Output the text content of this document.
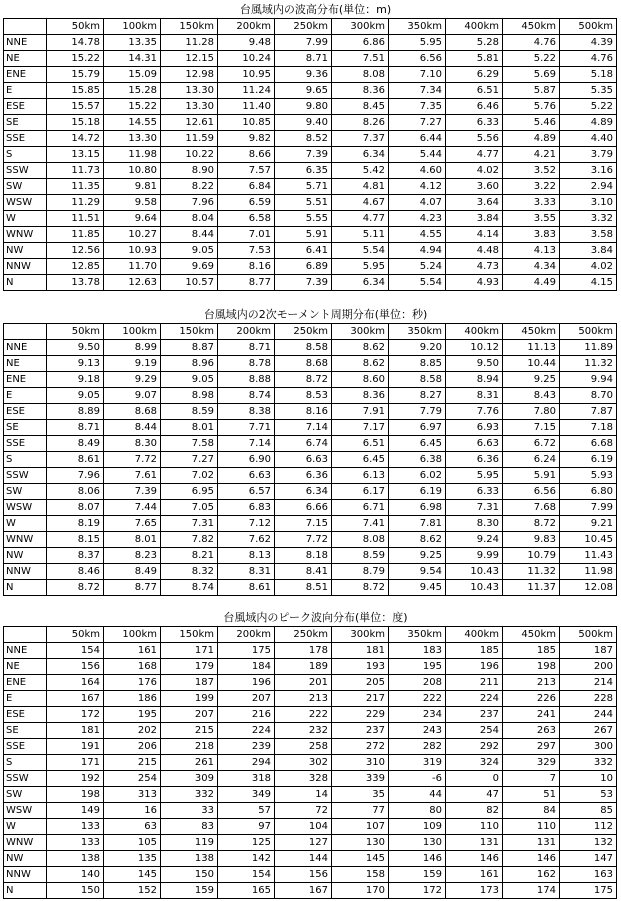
台風域内の波高分布(単位：m)
	50km	100km	150km	200km	250km	300km	350km	400km	450km	500km
NNE	14.78	13.35	11.28	9.48	7.99	6.86	5.95	5.28	4.76	4.39
NE	15.22	14.31	12.15	10.24	8.71	7.51	6.56	5.81	5.22	4.76
ENE	15.79	15.09	12.98	10.95	9.36	8.08	7.10	6.29	5.69	5.18
E	15.85	15.28	13.30	11.24	9.65	8.36	7.34	6.51	5.87	5.35
ESE	15.57	15.22	13.30	11.40	9.80	8.45	7.35	6.46	5.76	5.22
SE	15.18	14.55	12.61	10.85	9.40	8.26	7.27	6.33	5.46	4.89
SSE	14.72	13.30	11.59	9.82	8.52	7.37	6.44	5.56	4.89	4.40
S	13.15	11.98	10.22	8.66	7.39	6.34	5.44	4.77	4.21	3.79
SSW	11.73	10.80	8.90	7.57	6.35	5.42	4.60	4.02	3.52	3.16
SW	11.35	9.81	8.22	6.84	5.71	4.81	4.12	3.60	3.22	2.94
WSW	11.29	9.58	7.96	6.59	5.51	4.67	4.07	3.64	3.33	3.10
W	11.51	9.64	8.04	6.58	5.55	4.77	4.23	3.84	3.55	3.32
WNW	11.85	10.27	8.44	7.01	5.91	5.11	4.55	4.14	3.83	3.58
NW	12.56	10.93	9.05	7.53	6.41	5.54	4.94	4.48	4.13	3.84
NNW	12.85	11.70	9.69	8.16	6.89	5.95	5.24	4.73	4.34	4.02
N	13.78	12.63	10.57	8.77	7.39	6.34	5.54	4.93	4.49	4.15
台風域内の2次モーメント周期分布(単位：秒)
	50km	100km	150km	200km	250km	300km	350km	400km	450km	500km
NNE	9.50	8.99	8.87	8.71	8.58	8.62	9.20	10.12	11.13	11.89
NE	9.13	9.19	8.96	8.78	8.68	8.62	8.85	9.50	10.44	11.32
ENE	9.18	9.29	9.05	8.88	8.72	8.60	8.58	8.94	9.25	9.94
E	9.05	9.07	8.98	8.74	8.53	8.36	8.27	8.31	8.43	8.70
ESE	8.89	8.68	8.59	8.38	8.16	7.91	7.79	7.76	7.80	7.87
SE	8.71	8.44	8.01	7.71	7.14	7.17	6.97	6.93	7.15	7.18
SSE	8.49	8.30	7.58	7.14	6.74	6.51	6.45	6.63	6.72	6.68
S	8.61	7.72	7.27	6.90	6.63	6.45	6.38	6.36	6.24	6.19
SSW	7.96	7.61	7.02	6.63	6.36	6.13	6.02	5.95	5.91	5.93
SW	8.06	7.39	6.95	6.57	6.34	6.17	6.19	6.33	6.56	6.80
WSW	8.07	7.44	7.05	6.83	6.66	6.71	6.98	7.31	7.68	7.99
W	8.19	7.65	7.31	7.12	7.15	7.41	7.81	8.30	8.72	9.21
WNW	8.15	8.01	7.82	7.62	7.72	8.08	8.62	9.24	9.83	10.45
NW	8.37	8.23	8.21	8.13	8.18	8.59	9.25	9.99	10.79	11.43
NNW	8.46	8.49	8.32	8.31	8.41	8.79	9.54	10.43	11.32	11.98
N	8.72	8.77	8.74	8.61	8.51	8.72	9.45	10.43	11.37	12.08
台風域内のピーク波向分布(単位：度)
	50km	100km	150km	200km	250km	300km	350km	400km	450km	500km
NNE	154	161	171	175	178	181	183	185	185	187
NE	156	168	179	184	189	193	195	196	198	200
ENE	164	176	187	196	201	205	208	211	213	214
E	167	186	199	207	213	217	222	224	226	228
ESE	172	195	207	216	222	229	234	237	241	244
SE	181	202	215	224	232	237	243	254	263	267
SSE	191	206	218	239	258	272	282	292	297	300
S	171	215	261	294	302	310	319	324	329	332
SSW	192	254	309	318	328	339	-6	0	7	10
SW	198	313	332	349	14	35	44	47	51	53
WSW	149	16	33	57	72	77	80	82	84	85
W	133	63	83	97	104	107	109	110	110	112
WNW	133	105	119	125	127	130	130	131	131	132
NW	138	135	138	142	144	145	146	146	146	147
NNW	140	145	150	154	156	158	159	161	162	163
N	150	152	159	165	167	170	172	173	174	175
